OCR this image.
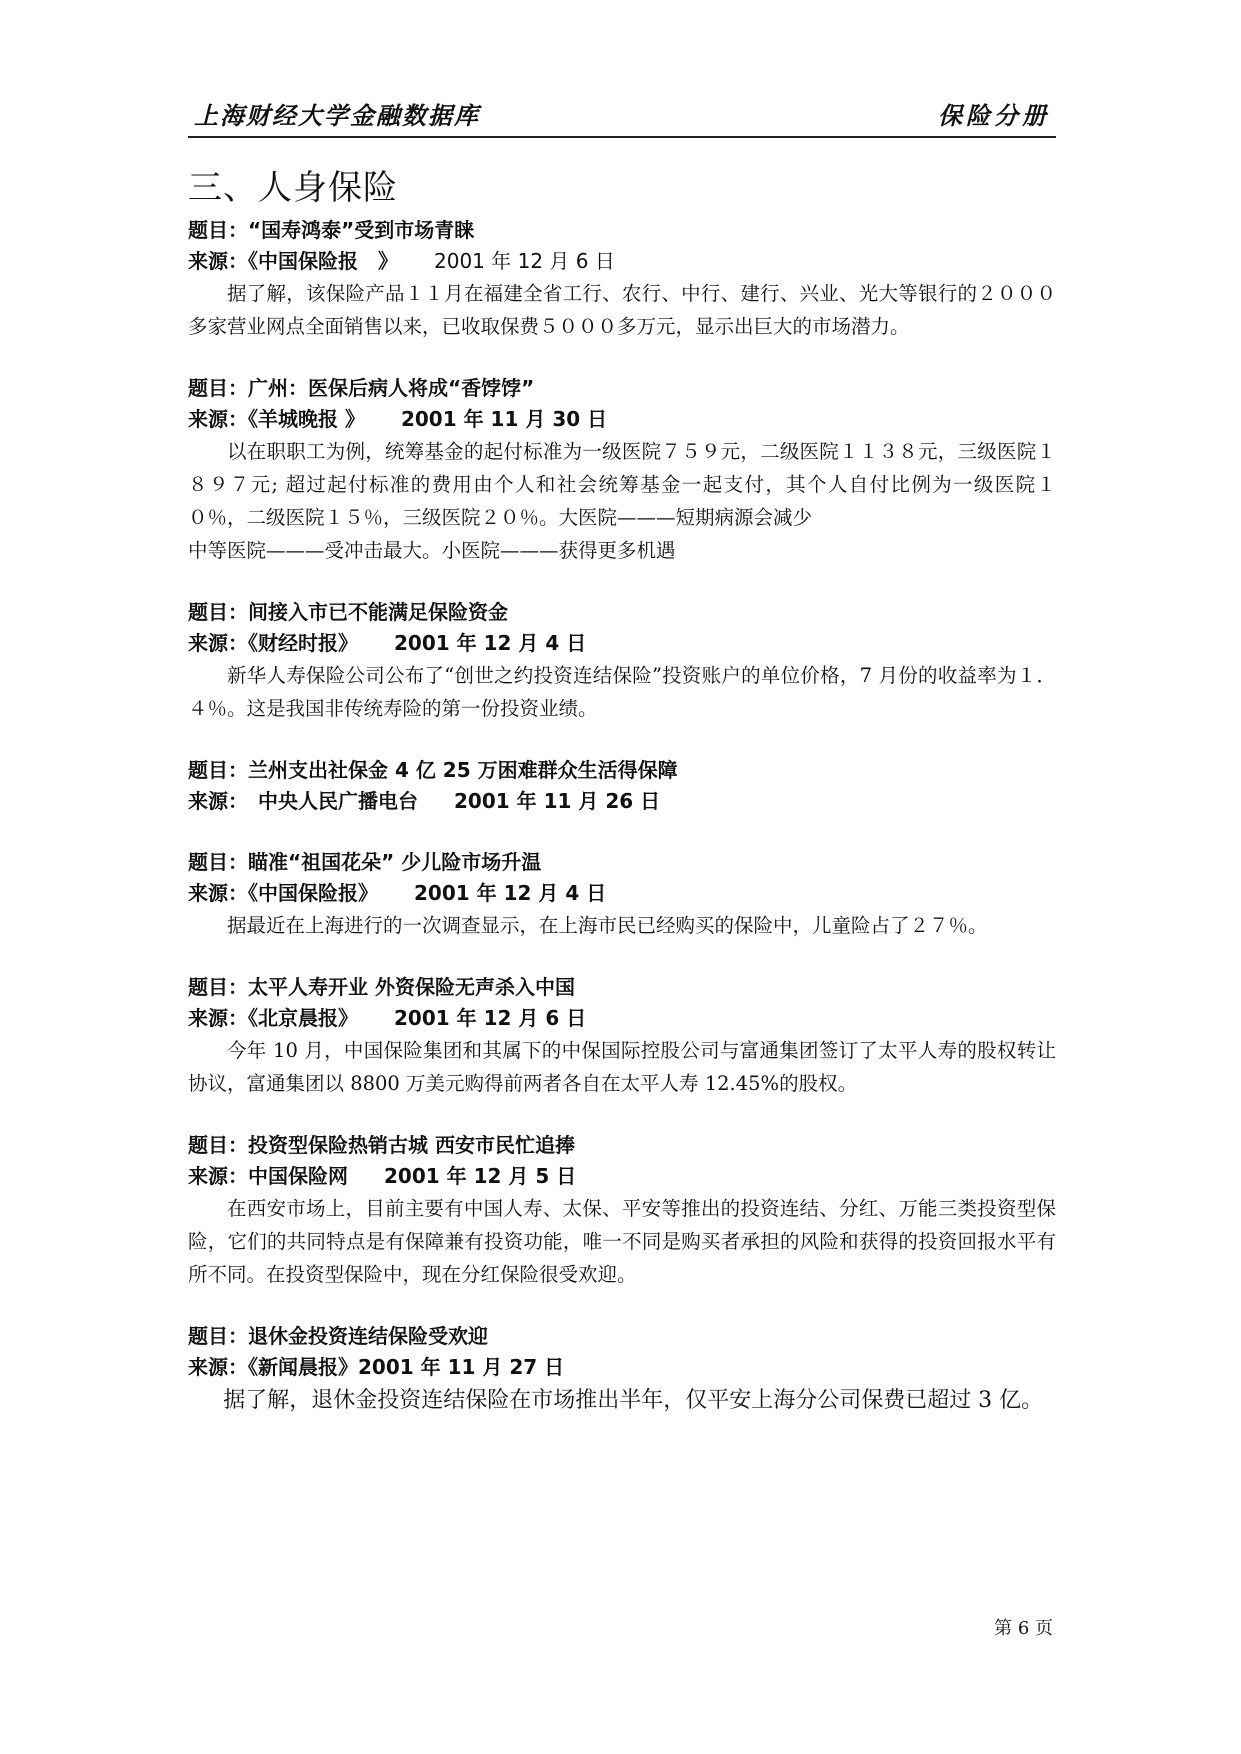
上海财经大学金融数据库	保险分册
三、人身保险
题目：“国寿鸿泰”受到市场青睐
来源：《中国保险报　》 2001 年 12 月 6 日

据了解，该保险产品１１月在福建全省工行、农行、中行、建行、兴业、光大等银行的２０００多家营业网点全面销售以来，已收取保费５０００多万元，显示出巨大的市场潜力。

题目：广州：医保后病人将成“香饽饽”
来源：《羊城晚报 》 2001 年 11 月 30 日

以在职职工为例，统筹基金的起付标准为一级医院７５９元，二级医院１１３８元，三级医院１８９７元; 超过起付标准的费用由个人和社会统筹基金一起支付，其个人自付比例为一级医院１０％，二级医院１５％，三级医院２０％。大医院———短期病源会减少

中等医院———受冲击最大。小医院———获得更多机遇

题目：间接入市已不能满足保险资金
来源：《财经时报》 2001 年 12 月 4 日

新华人寿保险公司公布了“创世之约投资连结保险”投资账户的单位价格，7 月份的收益率为１．４％。这是我国非传统寿险的第一份投资业绩。

题目：兰州支出社保金 4 亿 25 万困难群众生活得保障
来源：　中央人民广播电台 2001 年 11 月 26 日
题目：瞄准“祖国花朵” 少儿险市场升温
来源：《中国保险报》 2001 年 12 月 4 日

据最近在上海进行的一次调查显示，在上海市民已经购买的保险中，儿童险占了２７％。

题目：太平人寿开业 外资保险无声杀入中国
来源：《北京晨报》 2001 年 12 月 6 日

今年 10 月，中国保险集团和其属下的中保国际控股公司与富通集团签订了太平人寿的股权转让协议，富通集团以 8800 万美元购得前两者各自在太平人寿 12.45%的股权。

题目：投资型保险热销古城 西安市民忙追捧
来源：中国保险网 2001 年 12 月 5 日

在西安市场上，目前主要有中国人寿、太保、平安等推出的投资连结、分红、万能三类投资型保险，它们的共同特点是有保障兼有投资功能，唯一不同是购买者承担的风险和获得的投资回报水平有所不同。在投资型保险中，现在分红保险很受欢迎。

题目：退休金投资连结保险受欢迎
来源：《新闻晨报》2001 年 11 月 27 日

据了解，退休金投资连结保险在市场推出半年，仅平安上海分公司保费已超过 3 亿。

第 6 页
